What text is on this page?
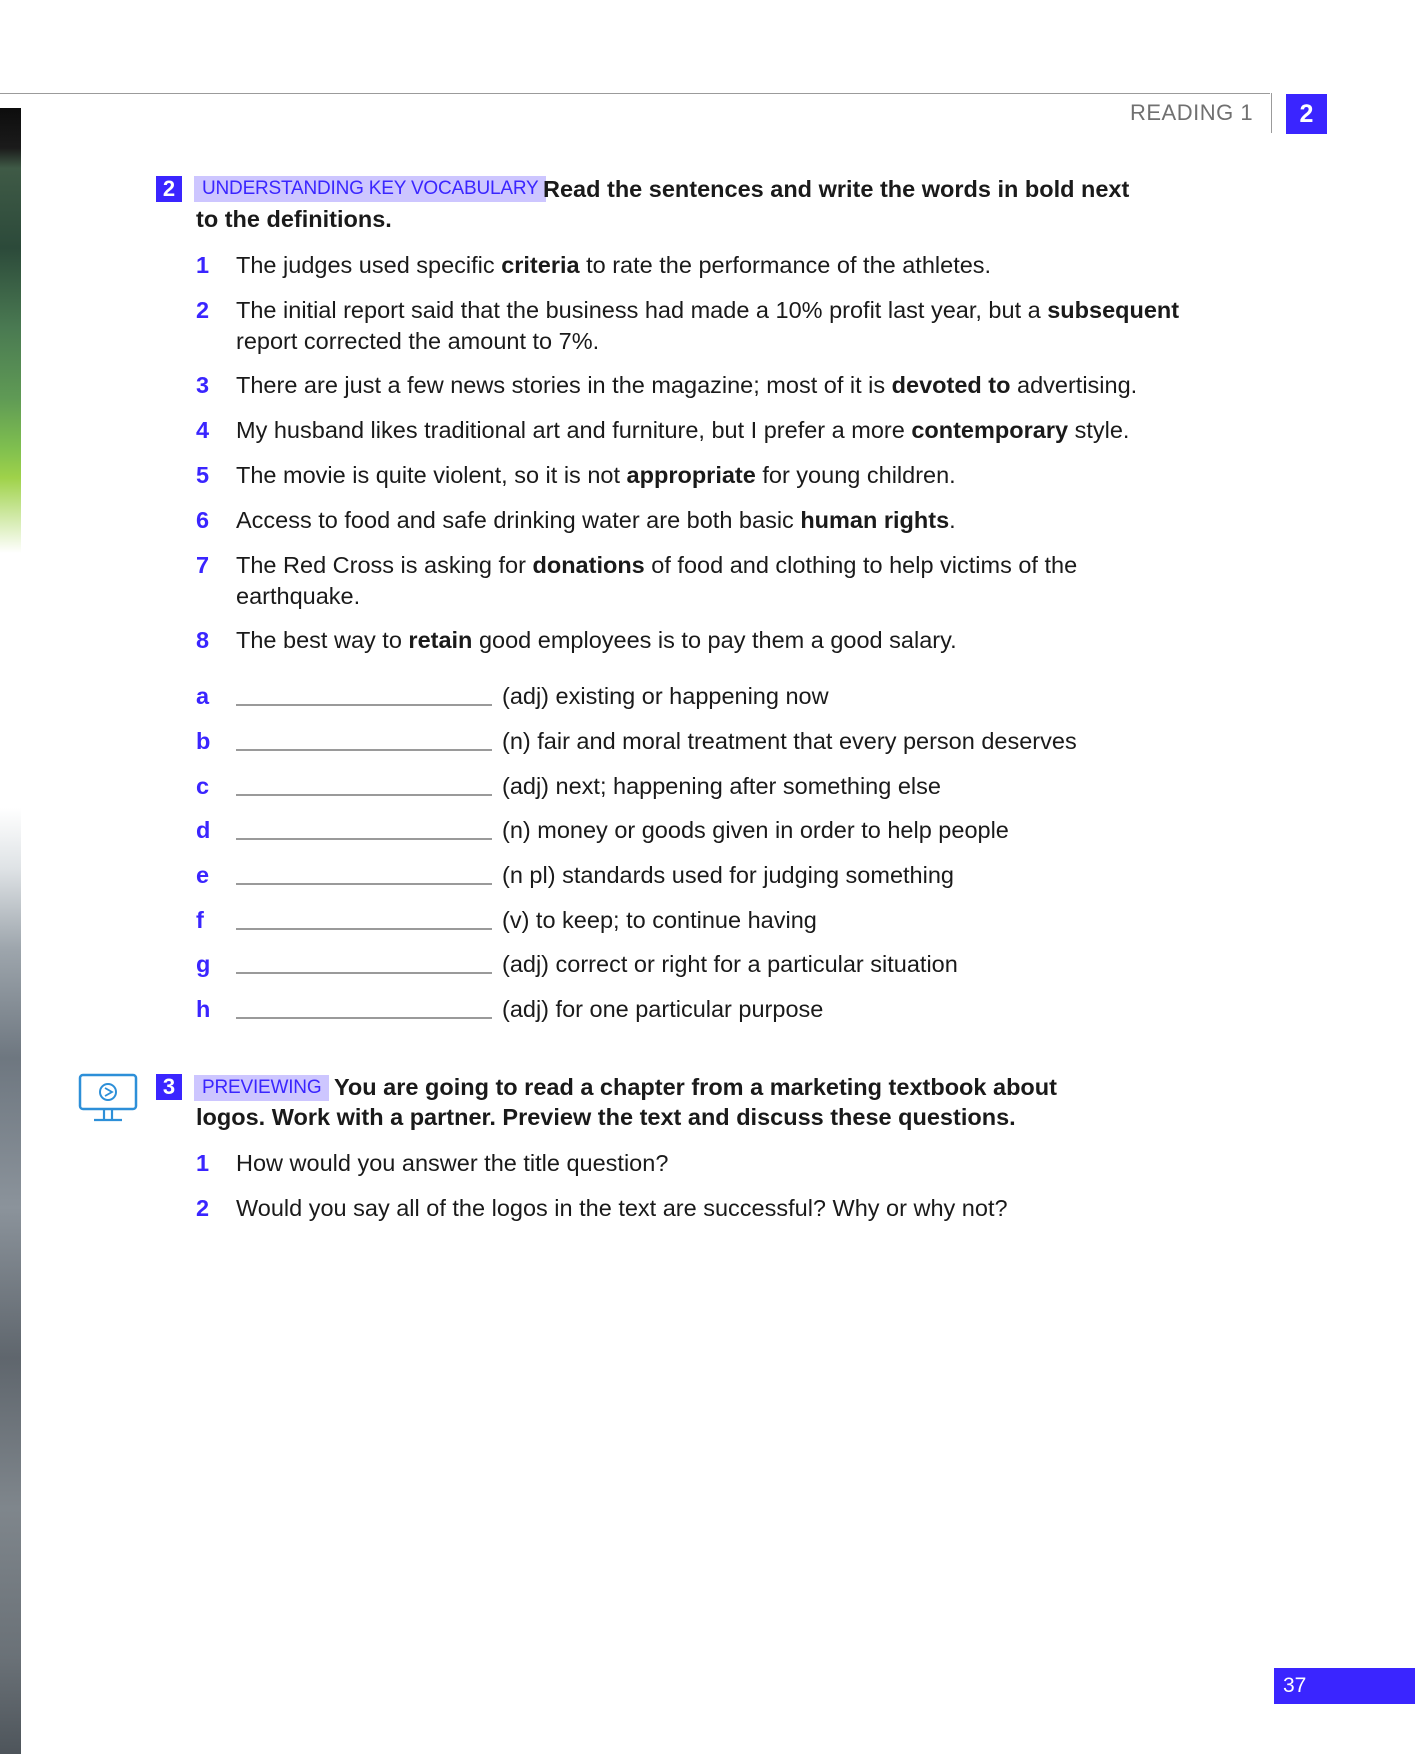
READING 1	2
2	UNDERSTANDING KEY VOCABULARY Read the sentences and write the words in bold next
to the definitions.
1	The judges used specific criteria to rate the performance of the athletes.
2	The initial report said that the business had made a 10% profit last year, but a subsequent report corrected the amount to 7%.
3	There are just a few news stories in the magazine; most of it is devoted to advertising.
4	My husband likes traditional art and furniture, but I prefer a more contemporary style.
5	The movie is quite violent, so it is not appropriate for young children.
6	Access to food and safe drinking water are both basic human rights.
7	The Red Cross is asking for donations of food and clothing to help victims of the earthquake.
8	The best way to retain good employees is to pay them a good salary.
a	(adj) existing or happening now
b	(n) fair and moral treatment that every person deserves
c	(adj) next; happening after something else
d	(n) money or goods given in order to help people
e	(n pl) standards used for judging something
f	(v) to keep; to continue having
g	(adj) correct or right for a particular situation
h	(adj) for one particular purpose
3	PREVIEWING You are going to read a chapter from a marketing textbook about
logos. Work with a partner. Preview the text and discuss these questions.
1	How would you answer the title question?
2	Would you say all of the logos in the text are successful? Why or why not?
37
